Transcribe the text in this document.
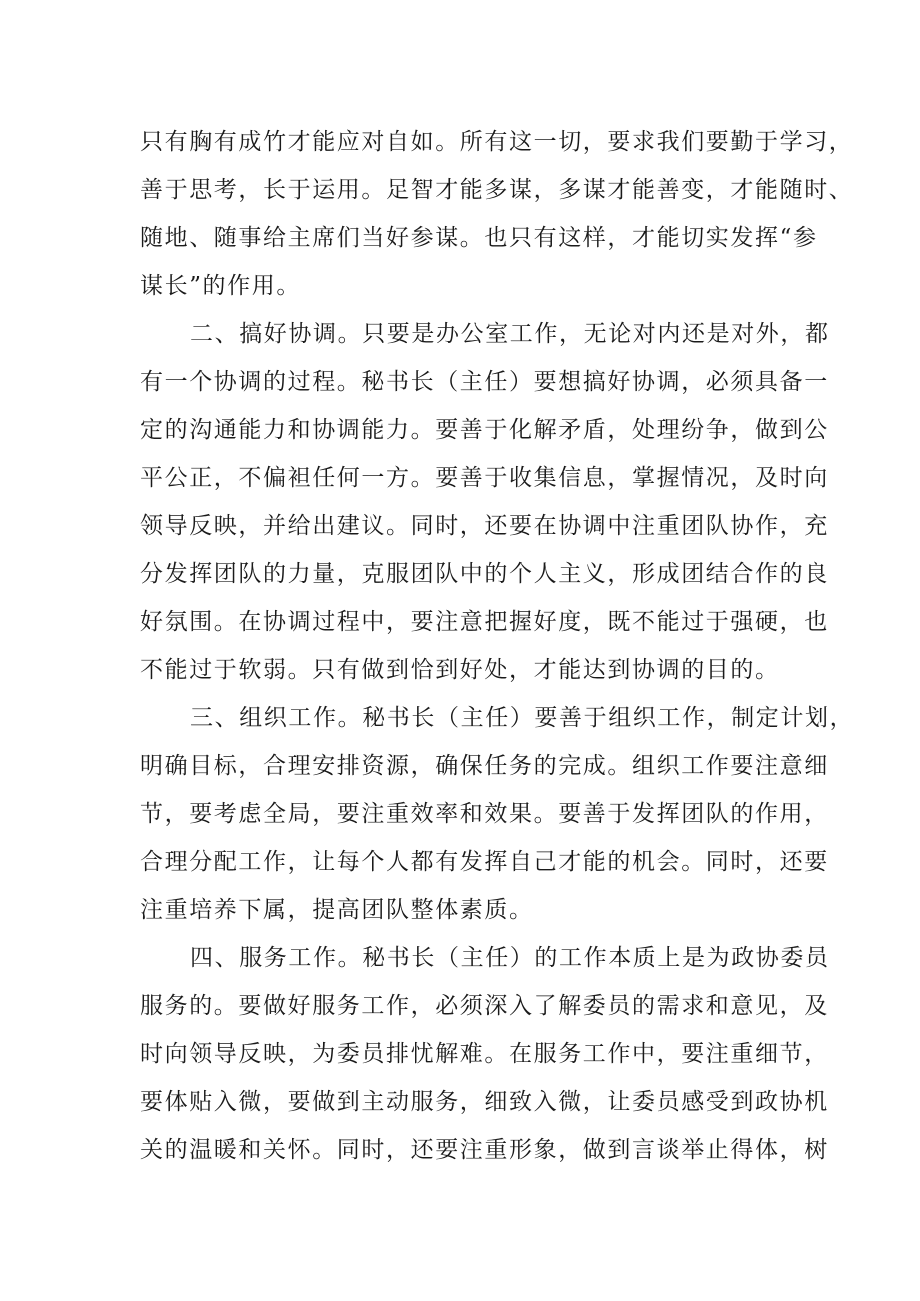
只有胸有成竹才能应对自如。所有这一切，要求我们要勤于学习，
善于思考，长于运用。足智才能多谋，多谋才能善变，才能随时、
随地、随事给主席们当好参谋。也只有这样，才能切实发挥“参
谋长”的作用。
二、搞好协调。只要是办公室工作，无论对内还是对外，都
有一个协调的过程。秘书长（主任）要想搞好协调，必须具备一
定的沟通能力和协调能力。要善于化解矛盾，处理纷争，做到公
平公正，不偏袒任何一方。要善于收集信息，掌握情况，及时向
领导反映，并给出建议。同时，还要在协调中注重团队协作，充
分发挥团队的力量，克服团队中的个人主义，形成团结合作的良
好氛围。在协调过程中，要注意把握好度，既不能过于强硬，也
不能过于软弱。只有做到恰到好处，才能达到协调的目的。
三、组织工作。秘书长（主任）要善于组织工作，制定计划，
明确目标，合理安排资源，确保任务的完成。组织工作要注意细
节，要考虑全局，要注重效率和效果。要善于发挥团队的作用，
合理分配工作，让每个人都有发挥自己才能的机会。同时，还要
注重培养下属，提高团队整体素质。
四、服务工作。秘书长（主任）的工作本质上是为政协委员
服务的。要做好服务工作，必须深入了解委员的需求和意见，及
时向领导反映，为委员排忧解难。在服务工作中，要注重细节，
要体贴入微，要做到主动服务，细致入微，让委员感受到政协机
关的温暖和关怀。同时，还要注重形象，做到言谈举止得体，树
